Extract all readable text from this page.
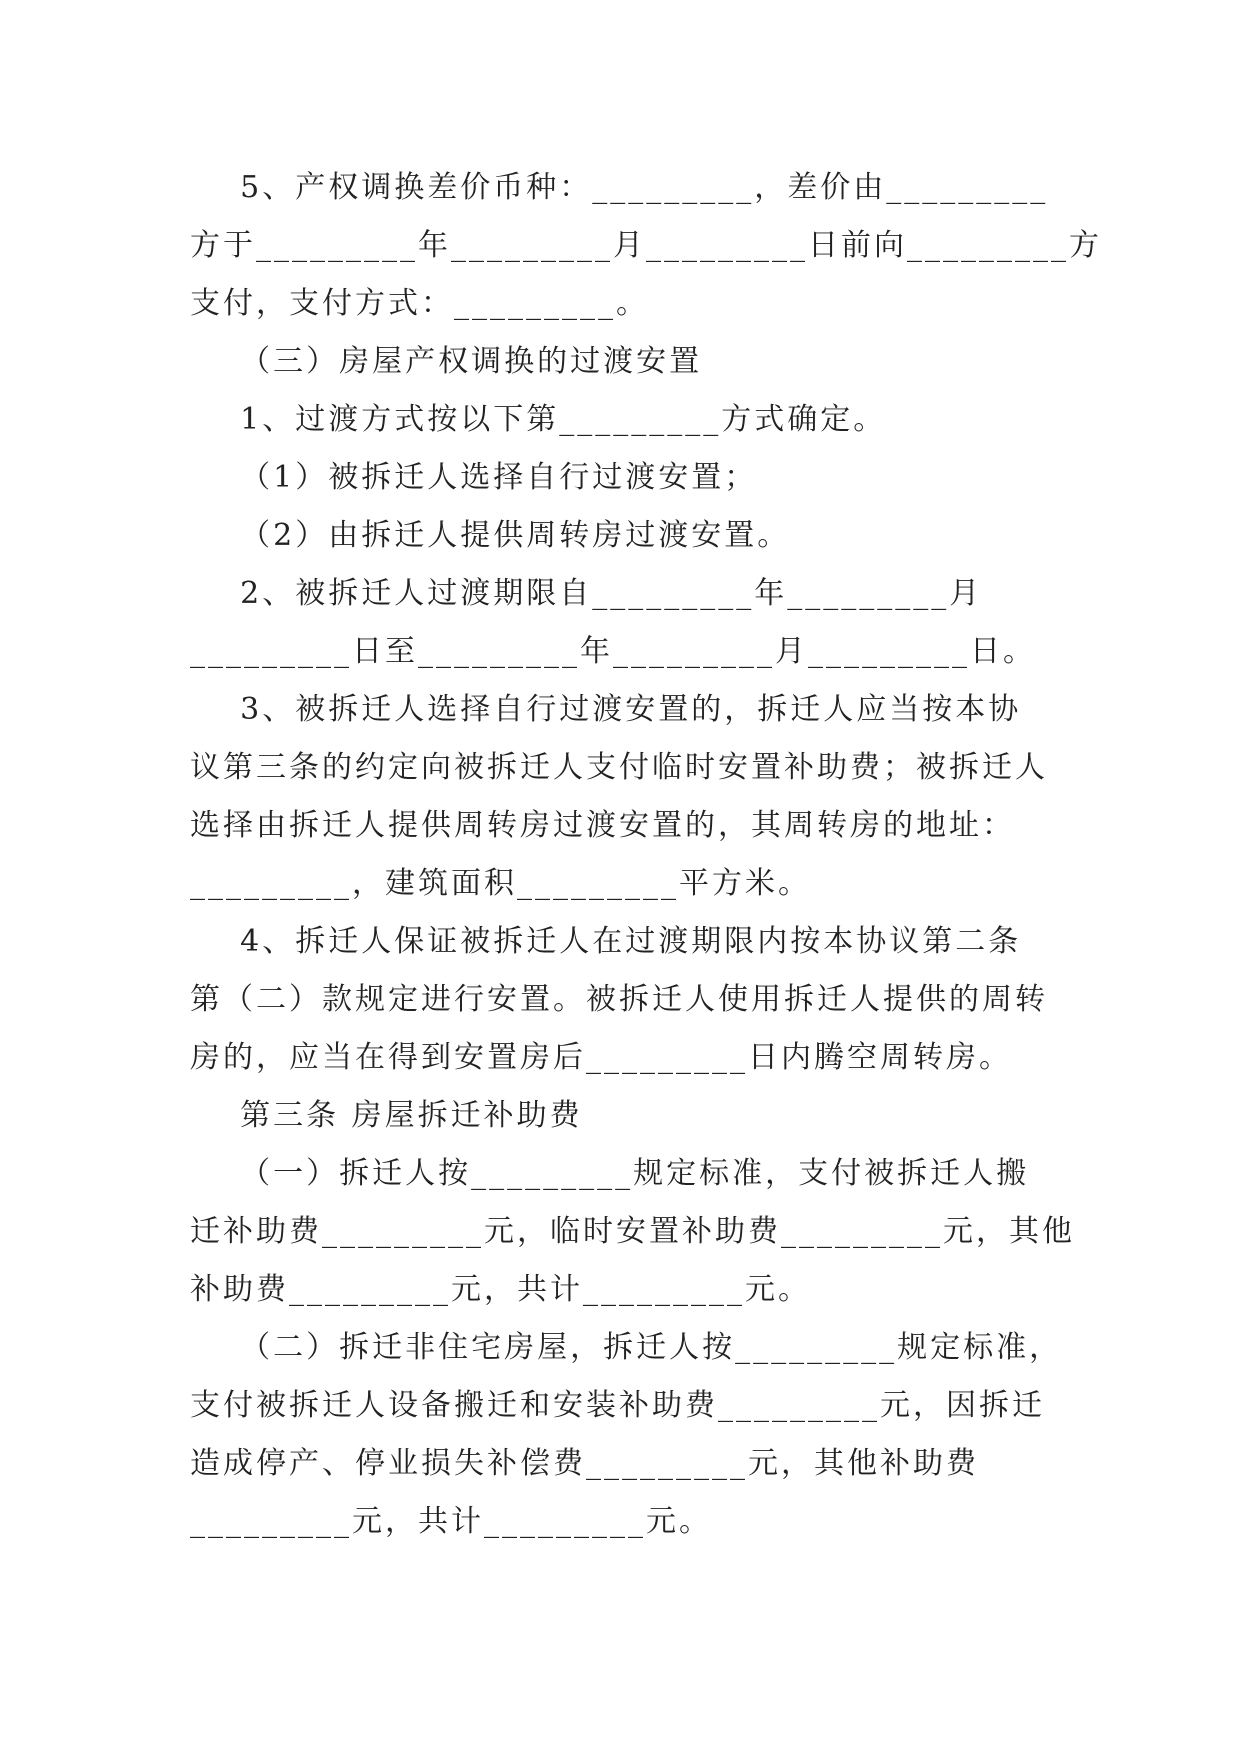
5、产权调换差价币种：_________，差价由_________
方于_________年_________月_________日前向_________方
支付，支付方式：_________。
（三）房屋产权调换的过渡安置
1、过渡方式按以下第_________方式确定。
（1）被拆迁人选择自行过渡安置；
（2）由拆迁人提供周转房过渡安置。
2、被拆迁人过渡期限自_________年_________月
_________日至_________年_________月_________日。
3、被拆迁人选择自行过渡安置的，拆迁人应当按本协
议第三条的约定向被拆迁人支付临时安置补助费；被拆迁人
选择由拆迁人提供周转房过渡安置的，其周转房的地址：
_________，建筑面积_________平方米。
4、拆迁人保证被拆迁人在过渡期限内按本协议第二条
第（二）款规定进行安置。被拆迁人使用拆迁人提供的周转
房的，应当在得到安置房后_________日内腾空周转房。
第三条 房屋拆迁补助费
（一）拆迁人按_________规定标准，支付被拆迁人搬
迁补助费_________元，临时安置补助费_________元，其他
补助费_________元，共计_________元。
（二）拆迁非住宅房屋，拆迁人按_________规定标准，
支付被拆迁人设备搬迁和安装补助费_________元，因拆迁
造成停产、停业损失补偿费_________元，其他补助费
_________元，共计_________元。
